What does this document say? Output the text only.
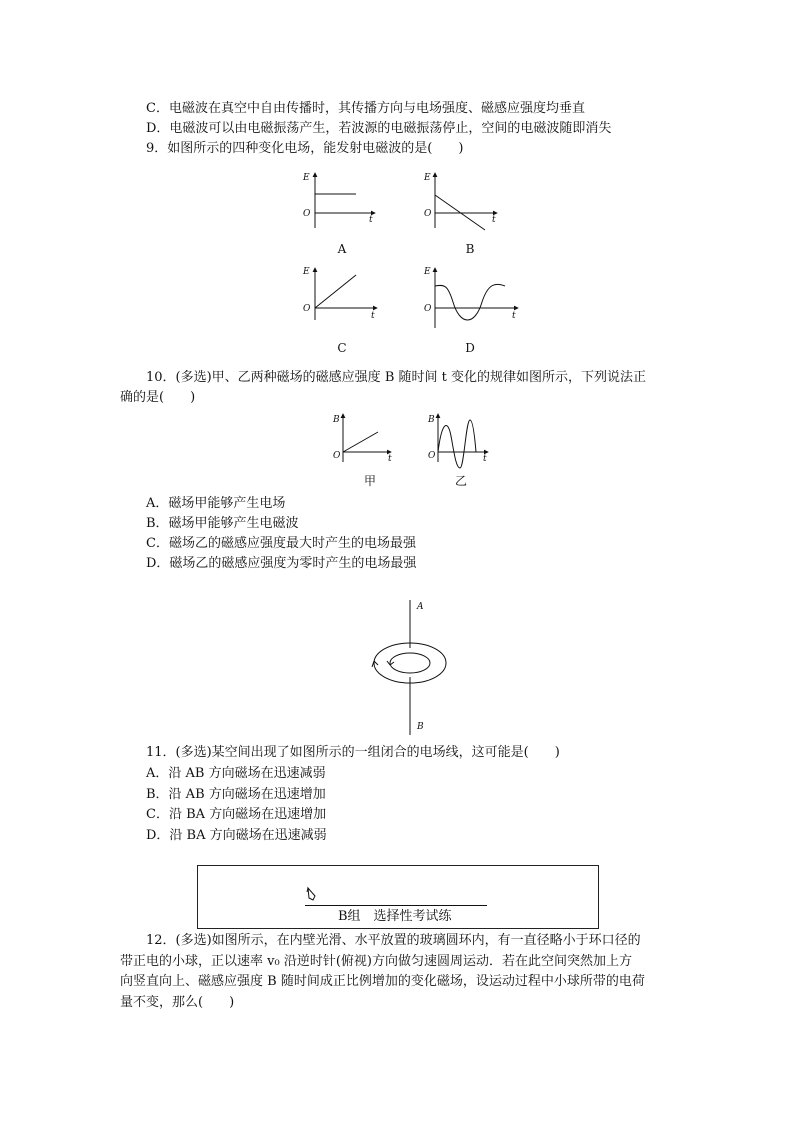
C．电磁波在真空中自由传播时，其传播方向与电场强度、磁感应强度均垂直
D．电磁波可以由电磁振荡产生，若波源的电磁振荡停止，空间的电磁波随即消失
9．如图所示的四种变化电场，能发射电磁波的是(　　)
E
t
O
E
t
O
E
t
O
E
t
O
A	B
C	D
10．(多选)甲、乙两种磁场的磁感应强度 B 随时间 t 变化的规律如图所示，下列说法正
确的是(　　)
B
t
O
B
t
O
甲	乙
A．磁场甲能够产生电场
B．磁场甲能够产生电磁波
C．磁场乙的磁感应强度最大时产生的电场最强
D．磁场乙的磁感应强度为零时产生的电场最强
A
B
11．(多选)某空间出现了如图所示的一组闭合的电场线，这可能是(　　)
A．沿 AB 方向磁场在迅速减弱
B．沿 AB 方向磁场在迅速增加
C．沿 BA 方向磁场在迅速增加
D．沿 BA 方向磁场在迅速减弱
B组　选择性考试练
12．(多选)如图所示，在内壁光滑、水平放置的玻璃圆环内，有一直径略小于环口径的
带正电的小球，正以速率 v₀ 沿逆时针(俯视)方向做匀速圆周运动．若在此空间突然加上方
向竖直向上、磁感应强度 B 随时间成正比例增加的变化磁场，设运动过程中小球所带的电荷
量不变，那么(　　)
